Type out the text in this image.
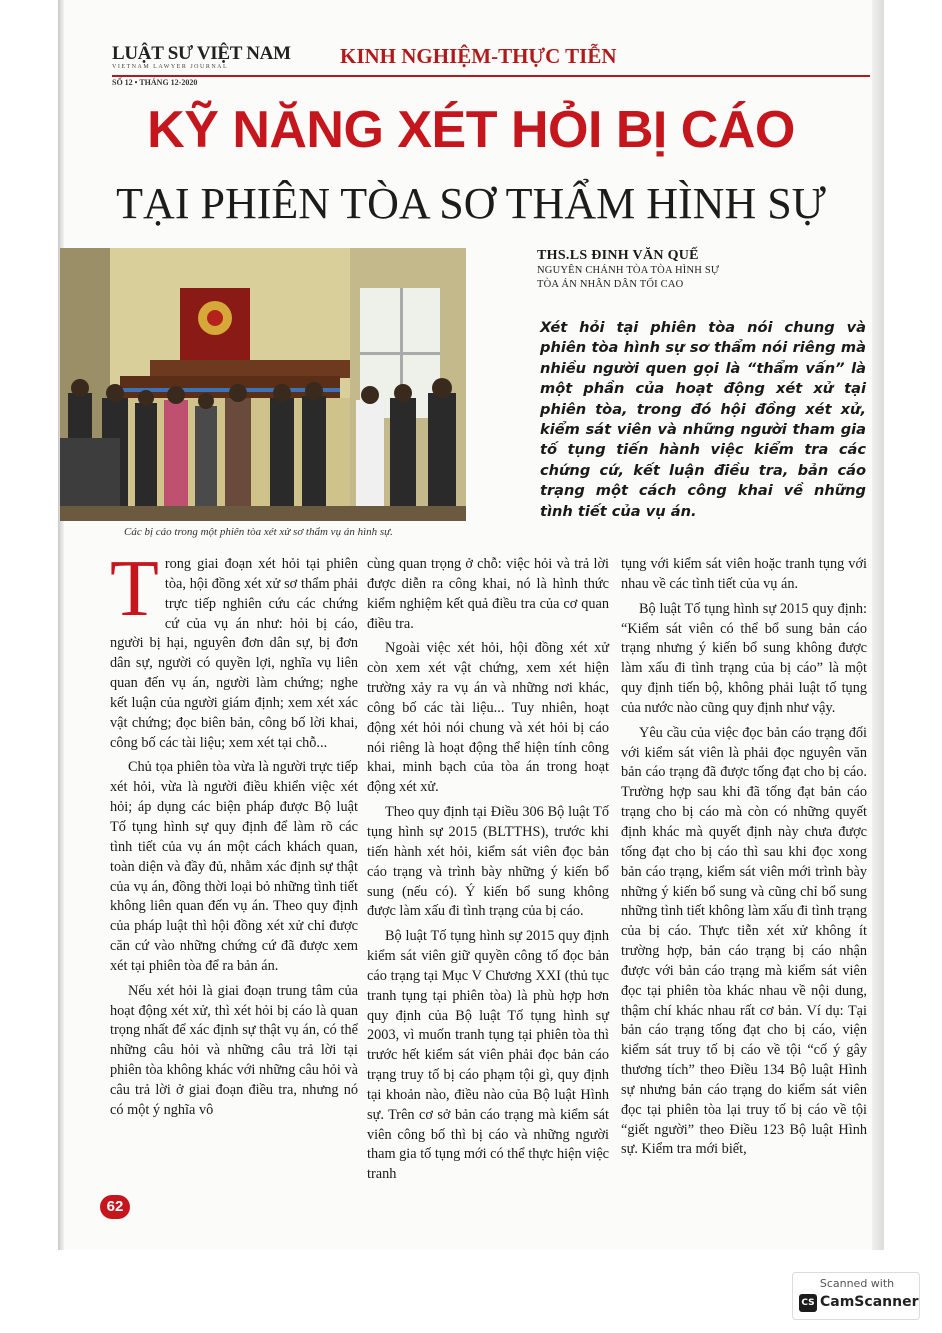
LUẬT SƯ VIỆT NAM
VIETNAM LAWYER JOURNAL
SỐ 12 • THÁNG 12-2020
KINH NGHIỆM-THỰC TIỄN
KỸ NĂNG XÉT HỎI BỊ CÁO
TẠI PHIÊN TÒA SƠ THẨM HÌNH SỰ
Các bị cáo trong một phiên tòa xét xử sơ thẩm vụ án hình sự.
THS.LS ĐINH VĂN QUẾ
NGUYÊN CHÁNH TÒA TÒA HÌNH SỰ
TÒA ÁN NHÂN DÂN TỐI CAO
Xét hỏi tại phiên tòa nói chung và phiên tòa hình sự sơ thẩm nói riêng mà nhiều người quen gọi là “thẩm vấn” là một phần của hoạt động xét xử tại phiên tòa, trong đó hội đồng xét xử, kiểm sát viên và những người tham gia tố tụng tiến hành việc kiểm tra các chứng cứ, kết luận điều tra, bản cáo trạng một cách công khai về những tình tiết của vụ án.

Trong giai đoạn xét hỏi tại phiên tòa, hội đồng xét xử sơ thẩm phải trực tiếp nghiên cứu các chứng cứ của vụ án như: hỏi bị cáo, người bị hại, nguyên đơn dân sự, bị đơn dân sự, người có quyền lợi, nghĩa vụ liên quan đến vụ án, người làm chứng; nghe kết luận của người giám định; xem xét xác vật chứng; đọc biên bản, công bố lời khai, công bố các tài liệu; xem xét tại chỗ...

Chủ tọa phiên tòa vừa là người trực tiếp xét hỏi, vừa là người điều khiển việc xét hỏi; áp dụng các biện pháp được Bộ luật Tố tụng hình sự quy định để làm rõ các tình tiết của vụ án một cách khách quan, toàn diện và đầy đủ, nhằm xác định sự thật của vụ án, đồng thời loại bỏ những tình tiết không liên quan đến vụ án. Theo quy định của pháp luật thì hội đồng xét xử chỉ được căn cứ vào những chứng cứ đã được xem xét tại phiên tòa để ra bản án.

Nếu xét hỏi là giai đoạn trung tâm của hoạt động xét xử, thì xét hỏi bị cáo là quan trọng nhất để xác định sự thật vụ án, có thể những câu hỏi và những câu trả lời tại phiên tòa không khác với những câu hỏi và câu trả lời ở giai đoạn điều tra, nhưng nó có một ý nghĩa vô

cùng quan trọng ở chỗ: việc hỏi và trả lời được diễn ra công khai, nó là hình thức kiểm nghiệm kết quả điều tra của cơ quan điều tra.

Ngoài việc xét hỏi, hội đồng xét xử còn xem xét vật chứng, xem xét hiện trường xảy ra vụ án và những nơi khác, công bố các tài liệu... Tuy nhiên, hoạt động xét hỏi nói chung và xét hỏi bị cáo nói riêng là hoạt động thể hiện tính công khai, minh bạch của tòa án trong hoạt động xét xử.

Theo quy định tại Điều 306 Bộ luật Tố tụng hình sự 2015 (BLTTHS), trước khi tiến hành xét hỏi, kiểm sát viên đọc bản cáo trạng và trình bày những ý kiến bổ sung (nếu có). Ý kiến bổ sung không được làm xấu đi tình trạng của bị cáo.

Bộ luật Tố tụng hình sự 2015 quy định kiểm sát viên giữ quyền công tố đọc bản cáo trạng tại Mục V Chương XXI (thủ tục tranh tụng tại phiên tòa) là phù hợp hơn quy định của Bộ luật Tố tụng hình sự 2003, vì muốn tranh tụng tại phiên tòa thì trước hết kiểm sát viên phải đọc bản cáo trạng truy tố bị cáo phạm tội gì, quy định tại khoản nào, điều nào của Bộ luật Hình sự. Trên cơ sở bản cáo trạng mà kiểm sát viên công bố thì bị cáo và những người tham gia tố tụng mới có thể thực hiện việc tranh

tụng với kiểm sát viên hoặc tranh tụng với nhau về các tình tiết của vụ án.

Bộ luật Tố tụng hình sự 2015 quy định: “Kiểm sát viên có thể bổ sung bản cáo trạng nhưng ý kiến bổ sung không được làm xấu đi tình trạng của bị cáo” là một quy định tiến bộ, không phải luật tố tụng của nước nào cũng quy định như vậy.

Yêu cầu của việc đọc bản cáo trạng đối với kiểm sát viên là phải đọc nguyên văn bản cáo trạng đã được tống đạt cho bị cáo. Trường hợp sau khi đã tống đạt bản cáo trạng cho bị cáo mà còn có những quyết định khác mà quyết định này chưa được tống đạt cho bị cáo thì sau khi đọc xong bản cáo trạng, kiểm sát viên mới trình bày những ý kiến bổ sung và cũng chỉ bổ sung những tình tiết không làm xấu đi tình trạng của bị cáo. Thực tiễn xét xử không ít trường hợp, bản cáo trạng bị cáo nhận được với bản cáo trạng mà kiểm sát viên đọc tại phiên tòa khác nhau về nội dung, thậm chí khác nhau rất cơ bản. Ví dụ: Tại bản cáo trạng tống đạt cho bị cáo, viện kiểm sát truy tố bị cáo về tội “cố ý gây thương tích” theo Điều 134 Bộ luật Hình sự nhưng bản cáo trạng do kiểm sát viên đọc tại phiên tòa lại truy tố bị cáo về tội “giết người” theo Điều 123 Bộ luật Hình sự. Kiểm tra mới biết,

62
Scanned with
CS CamScanner
